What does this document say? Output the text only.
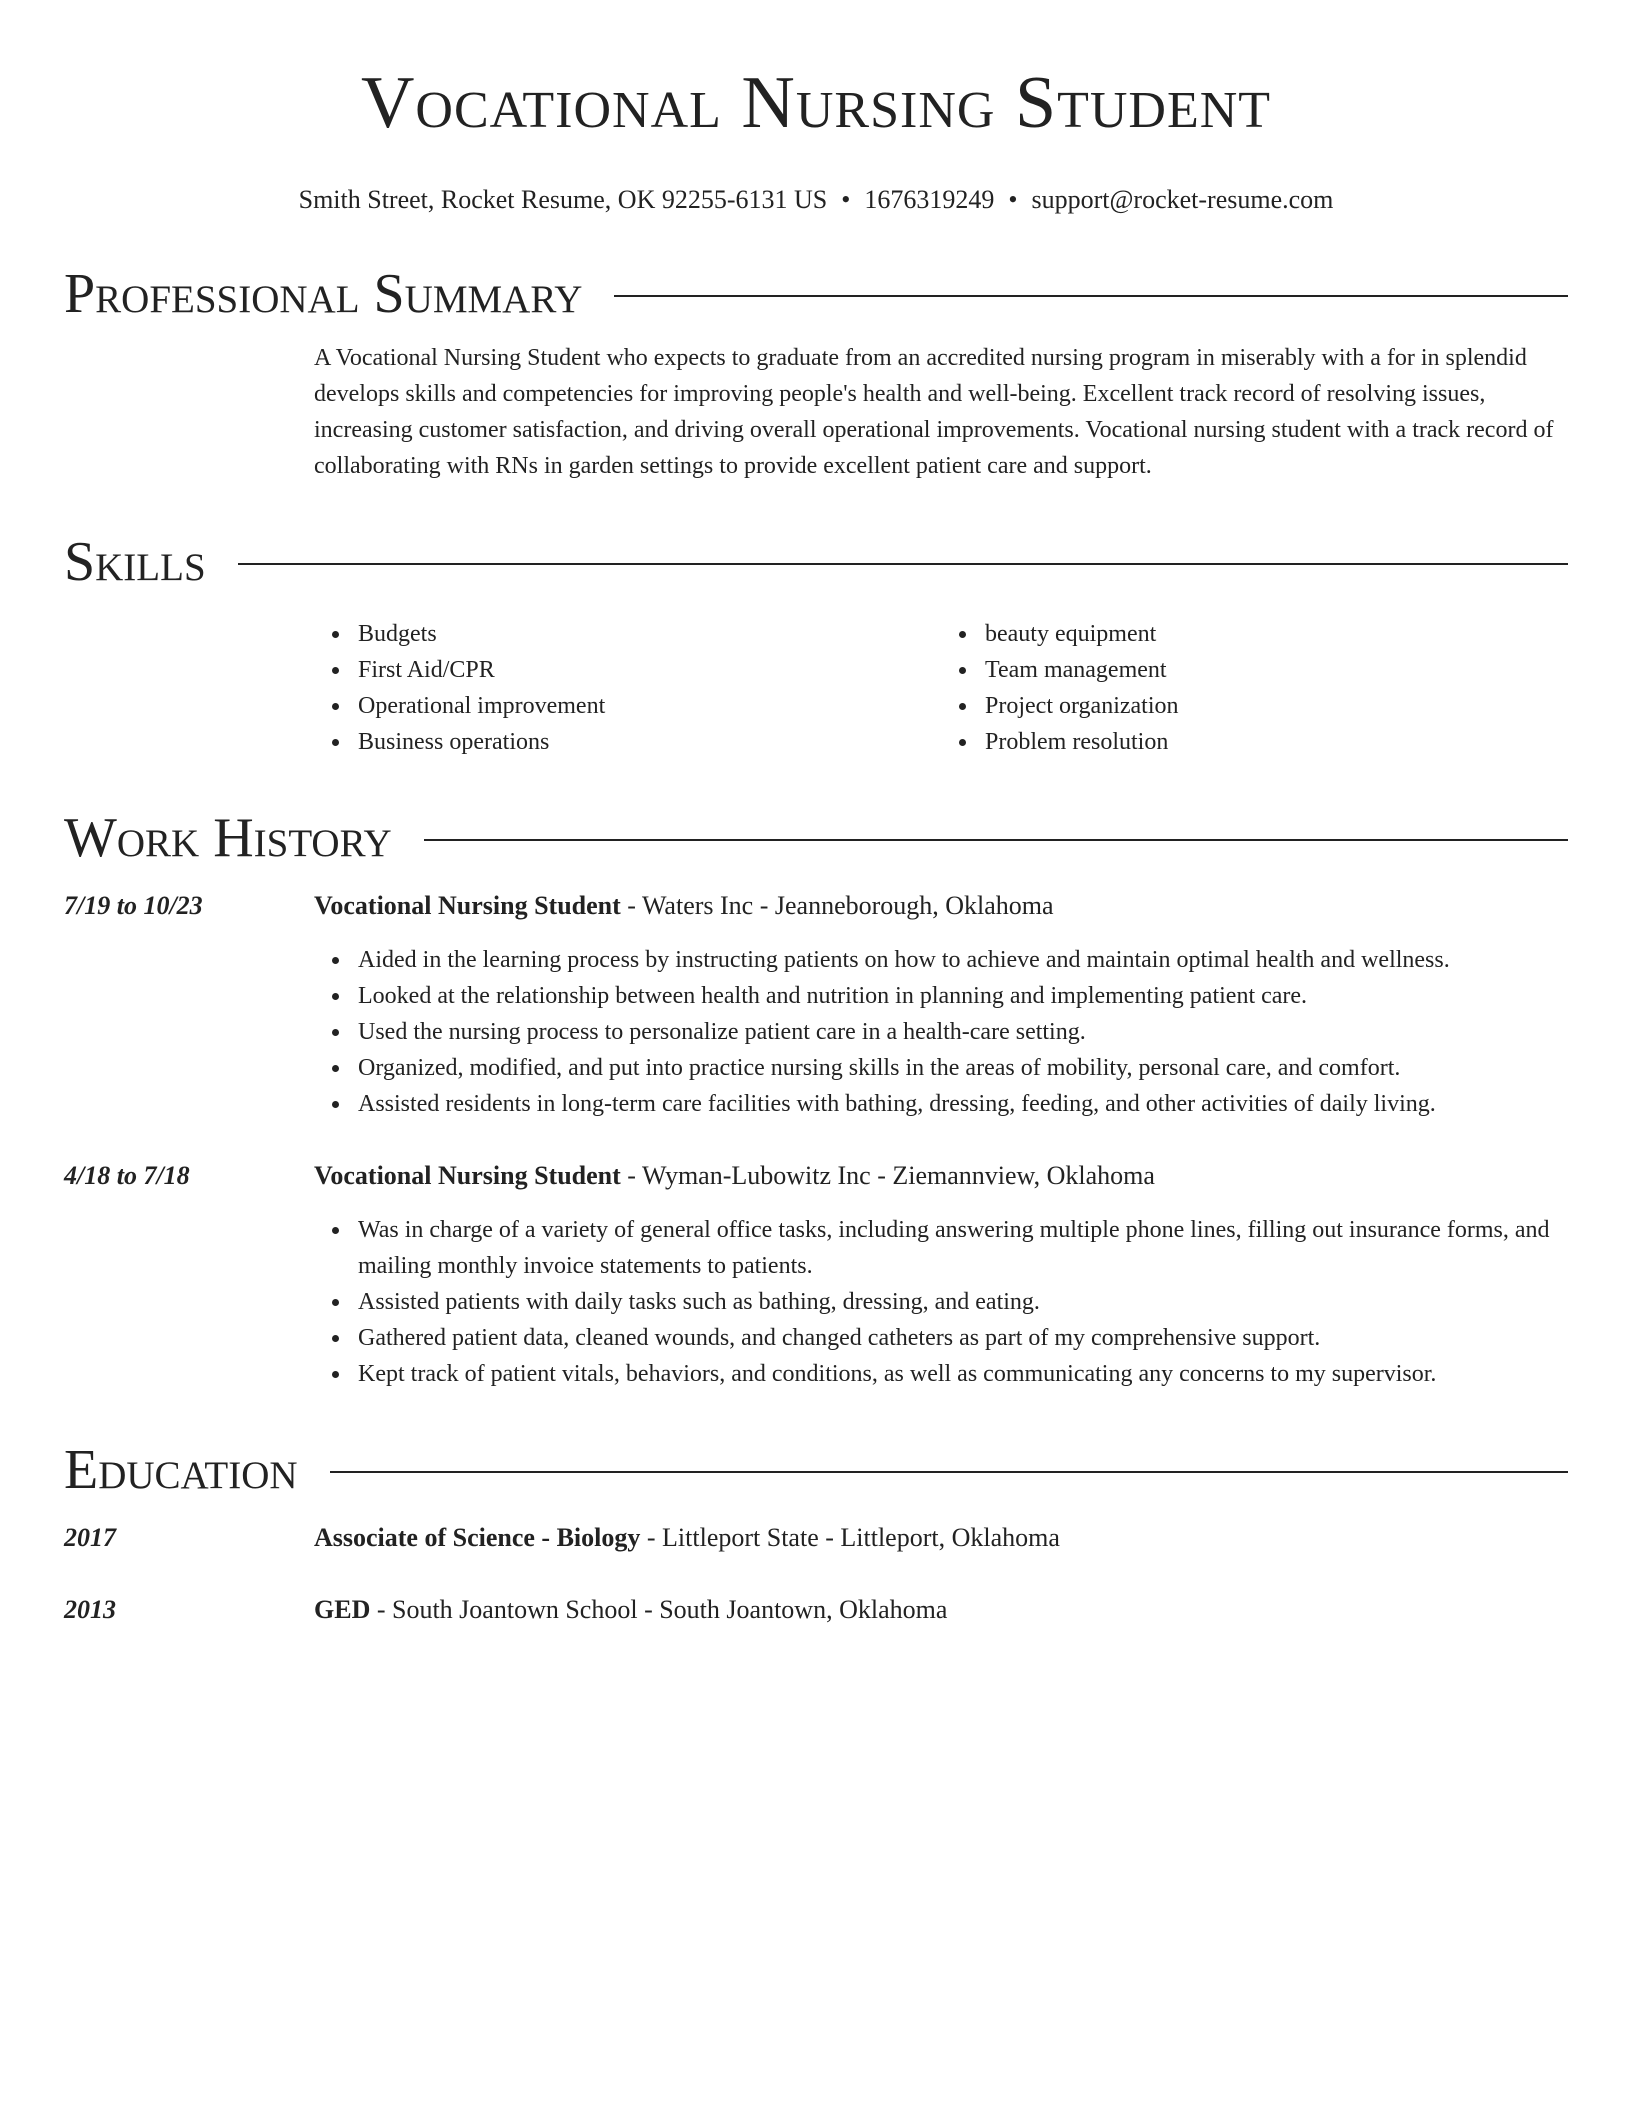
Vocational Nursing Student
Smith Street, Rocket Resume, OK 92255-6131 US • 1676319249 • support@rocket-resume.com
Professional Summary
A Vocational Nursing Student who expects to graduate from an accredited nursing program in miserably with a for in splendid develops skills and competencies for improving people's health and well-being. Excellent track record of resolving issues, increasing customer satisfaction, and driving overall operational improvements. Vocational nursing student with a track record of collaborating with RNs in garden settings to provide excellent patient care and support.
Skills
Budgets
First Aid/CPR
Operational improvement
Business operations
beauty equipment
Team management
Project organization
Problem resolution
Work History
7/19 to 10/23	Vocational Nursing Student - Waters Inc - Jeanneborough, Oklahoma
Aided in the learning process by instructing patients on how to achieve and maintain optimal health and wellness.
Looked at the relationship between health and nutrition in planning and implementing patient care.
Used the nursing process to personalize patient care in a health-care setting.
Organized, modified, and put into practice nursing skills in the areas of mobility, personal care, and comfort.
Assisted residents in long-term care facilities with bathing, dressing, feeding, and other activities of daily living.
4/18 to 7/18	Vocational Nursing Student - Wyman-Lubowitz Inc - Ziemannview, Oklahoma
Was in charge of a variety of general office tasks, including answering multiple phone lines, filling out insurance forms, and mailing monthly invoice statements to patients.
Assisted patients with daily tasks such as bathing, dressing, and eating.
Gathered patient data, cleaned wounds, and changed catheters as part of my comprehensive support.
Kept track of patient vitals, behaviors, and conditions, as well as communicating any concerns to my supervisor.
Education
2017	Associate of Science - Biology - Littleport State - Littleport, Oklahoma
2013	GED - South Joantown School - South Joantown, Oklahoma
